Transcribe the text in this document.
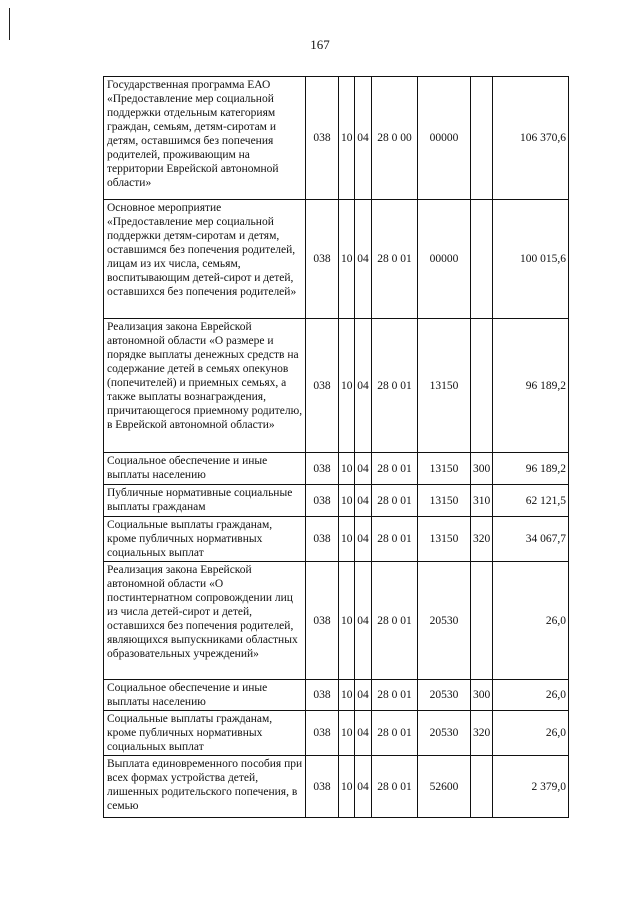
167
Государственная программа ЕАО «Предоставление мер социальной поддержки отдельным категориям граждан, семьям, детям-сиротам и детям, оставшимся без попечения родителей, проживающим на территории Еврейской автономной области»	038	10	04	28 0 00	00000		106 370,6
Основное мероприятие «Предоставление мер социальной поддержки детям-сиротам и детям, оставшимся без попечения родителей, лицам из их числа, семьям, воспитывающим детей-сирот и детей, оставшихся без попечения родителей»	038	10	04	28 0 01	00000		100 015,6
Реализация закона Еврейской автономной области «О размере и порядке выплаты денежных средств на содержание детей в семьях опекунов (попечителей) и приемных семьях, а также выплаты вознаграждения, причитающегося приемному родителю, в Еврейской автономной области»	038	10	04	28 0 01	13150		96 189,2
Социальное обеспечение и иные выплаты населению	038	10	04	28 0 01	13150	300	96 189,2
Публичные нормативные социальные выплаты гражданам	038	10	04	28 0 01	13150	310	62 121,5
Социальные выплаты гражданам, кроме публичных нормативных социальных выплат	038	10	04	28 0 01	13150	320	34 067,7
Реализация закона Еврейской автономной области «О постинтернатном сопровождении лиц из числа детей-сирот и детей, оставшихся без попечения родителей, являющихся выпускниками областных образовательных учреждений»	038	10	04	28 0 01	20530		26,0
Социальное обеспечение и иные выплаты населению	038	10	04	28 0 01	20530	300	26,0
Социальные выплаты гражданам, кроме публичных нормативных социальных выплат	038	10	04	28 0 01	20530	320	26,0
Выплата единовременного пособия при всех формах устройства детей, лишенных родительского попечения, в семью	038	10	04	28 0 01	52600		2 379,0
